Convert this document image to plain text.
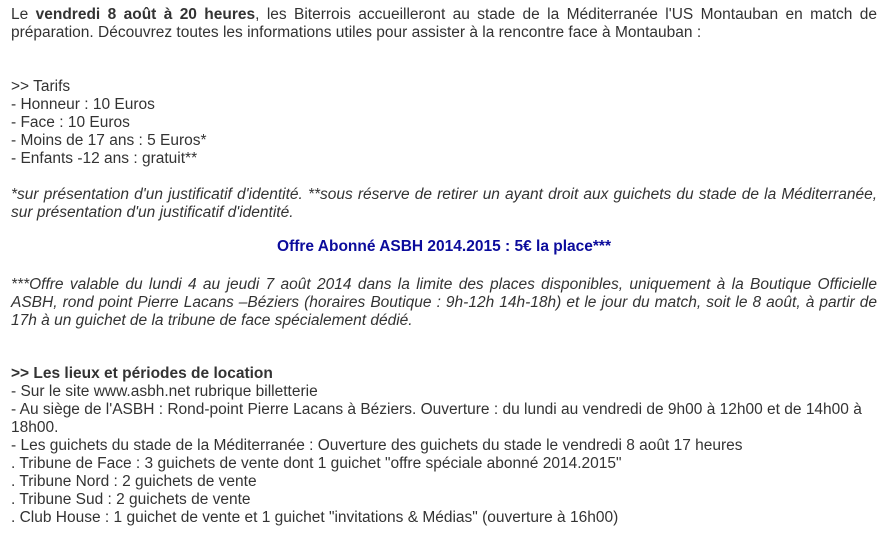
Le vendredi 8 août à 20 heures, les Biterrois accueilleront au stade de la Méditerranée l'US Montauban en match de préparation. Découvrez toutes les informations utiles pour assister à la rencontre face à Montauban :

>> Tarifs

- Honneur : 10 Euros

- Face : 10 Euros

- Moins de 17 ans : 5 Euros*

- Enfants -12 ans : gratuit**

*sur présentation d'un justificatif d'identité. **sous réserve de retirer un ayant droit aux guichets du stade de la Méditerranée, sur présentation d'un justificatif d'identité.

Offre Abonné ASBH 2014.2015 : 5€ la place***

***Offre valable du lundi 4 au jeudi 7 août 2014 dans la limite des places disponibles, uniquement à la Boutique Officielle ASBH, rond point Pierre Lacans –Béziers (horaires Boutique : 9h-12h 14h-18h) et le jour du match, soit le 8 août, à partir de 17h à un guichet de la tribune de face spécialement dédié.

>> Les lieux et périodes de location

- Sur le site www.asbh.net rubrique billetterie

- Au siège de l'ASBH : Rond-point Pierre Lacans à Béziers. Ouverture : du lundi au vendredi de 9h00 à 12h00 et de 14h00 à 18h00.

- Les guichets du stade de la Méditerranée : Ouverture des guichets du stade le vendredi 8 août 17 heures

. Tribune de Face : 3 guichets de vente dont 1 guichet "offre spéciale abonné 2014.2015"

. Tribune Nord : 2 guichets de vente

. Tribune Sud : 2 guichets de vente

. Club House : 1 guichet de vente et 1 guichet "invitations & Médias" (ouverture à 16h00)
